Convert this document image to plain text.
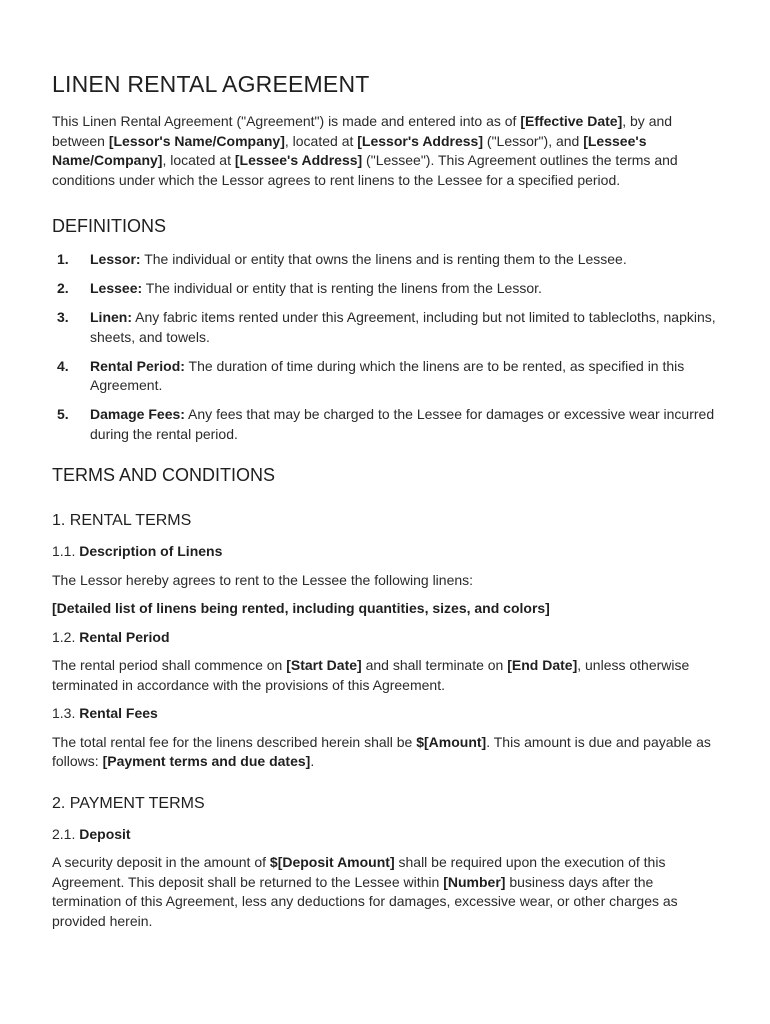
LINEN RENTAL AGREEMENT

This Linen Rental Agreement ("Agreement") is made and entered into as of [Effective Date], by and between [Lessor's Name/Company], located at [Lessor's Address] ("Lessor"), and [Lessee's Name/Company], located at [Lessee's Address] ("Lessee"). This Agreement outlines the terms and conditions under which the Lessor agrees to rent linens to the Lessee for a specified period.

DEFINITIONS
1. Lessor: The individual or entity that owns the linens and is renting them to the Lessee.
2. Lessee: The individual or entity that is renting the linens from the Lessor.
3. Linen: Any fabric items rented under this Agreement, including but not limited to tablecloths, napkins, sheets, and towels.
4. Rental Period: The duration of time during which the linens are to be rented, as specified in this Agreement.
5. Damage Fees: Any fees that may be charged to the Lessee for damages or excessive wear incurred during the rental period.
TERMS AND CONDITIONS
1. RENTAL TERMS

1.1. Description of Linens

The Lessor hereby agrees to rent to the Lessee the following linens:

[Detailed list of linens being rented, including quantities, sizes, and colors]

1.2. Rental Period

The rental period shall commence on [Start Date] and shall terminate on [End Date], unless otherwise terminated in accordance with the provisions of this Agreement.

1.3. Rental Fees

The total rental fee for the linens described herein shall be $[Amount]. This amount is due and payable as follows: [Payment terms and due dates].

2. PAYMENT TERMS

2.1. Deposit

A security deposit in the amount of $[Deposit Amount] shall be required upon the execution of this Agreement. This deposit shall be returned to the Lessee within [Number] business days after the termination of this Agreement, less any deductions for damages, excessive wear, or other charges as provided herein.
